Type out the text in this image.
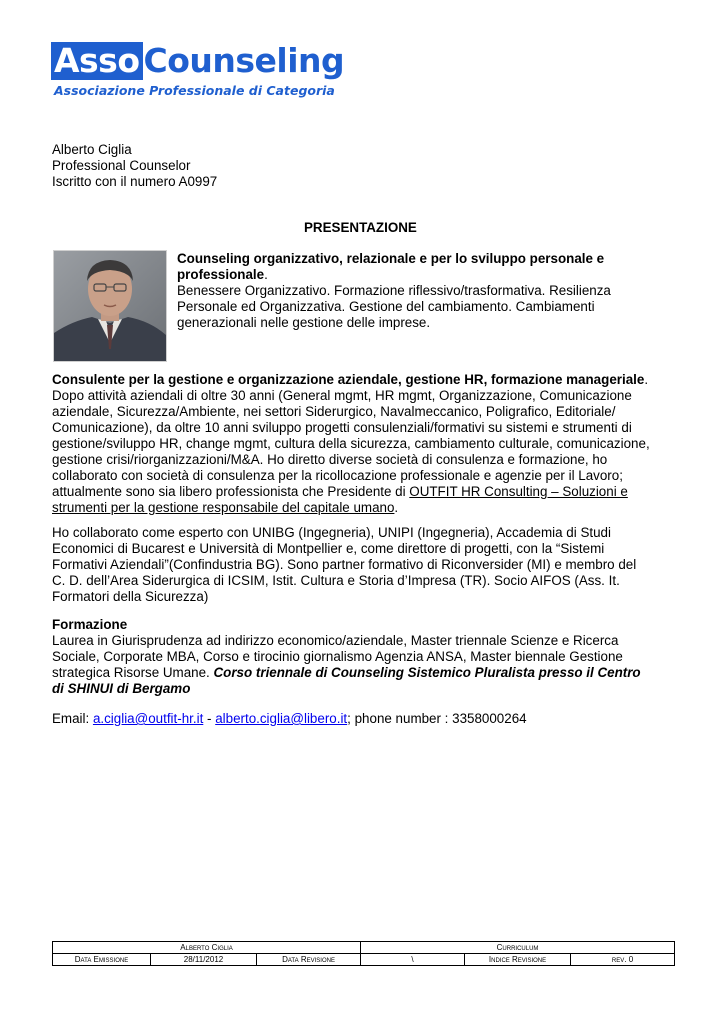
Asso Counseling
Associazione Professionale di Categoria
Alberto Ciglia
Professional Counselor
Iscritto con il numero A0997
PRESENTAZIONE
Counseling organizzativo, relazionale e per lo sviluppo personale e professionale.
Benessere Organizzativo. Formazione riflessivo/trasformativa. Resilienza Personale ed Organizzativa. Gestione del cambiamento. Cambiamenti generazionali nelle gestione delle imprese.
Consulente per la gestione e organizzazione aziendale, gestione HR, formazione manageriale.
Dopo attività aziendali di oltre 30 anni (General mgmt, HR mgmt, Organizzazione, Comunicazione aziendale, Sicurezza/Ambiente, nei settori Siderurgico, Navalmeccanico, Poligrafico, Editoriale/ Comunicazione), da oltre 10 anni sviluppo progetti consulenziali/formativi su sistemi e strumenti di gestione/sviluppo HR, change mgmt, cultura della sicurezza, cambiamento culturale, comunicazione, gestione crisi/riorganizzazioni/M&A. Ho diretto diverse società di consulenza e formazione, ho collaborato con società di consulenza per la ricollocazione professionale e agenzie per il Lavoro; attualmente sono sia libero professionista che Presidente di OUTFIT HR Consulting – Soluzioni e strumenti per la gestione responsabile del capitale umano.
Ho collaborato come esperto con UNIBG (Ingegneria), UNIPI (Ingegneria), Accademia di Studi Economici di Bucarest e Università di Montpellier e, come direttore di progetti, con la “Sistemi Formativi Aziendali”(Confindustria BG). Sono partner formativo di Riconversider (MI) e membro del C. D. dell’Area Siderurgica di ICSIM, Istit. Cultura e Storia d’Impresa (TR). Socio AIFOS (Ass. It. Formatori della Sicurezza)
Formazione
Laurea in Giurisprudenza ad indirizzo economico/aziendale, Master triennale Scienze e Ricerca Sociale, Corporate MBA, Corso e tirocinio giornalismo Agenzia ANSA, Master biennale Gestione strategica Risorse Umane. Corso triennale di Counseling Sistemico Pluralista presso il Centro di SHINUI di Bergamo
Email: a.ciglia@outfit-hr.it - alberto.ciglia@libero.it; phone number : 3358000264
Alberto Ciglia			Curriculum		
Data Emissione	28/11/2012	Data Revisione	\	Indice Revisione	rev. 0
